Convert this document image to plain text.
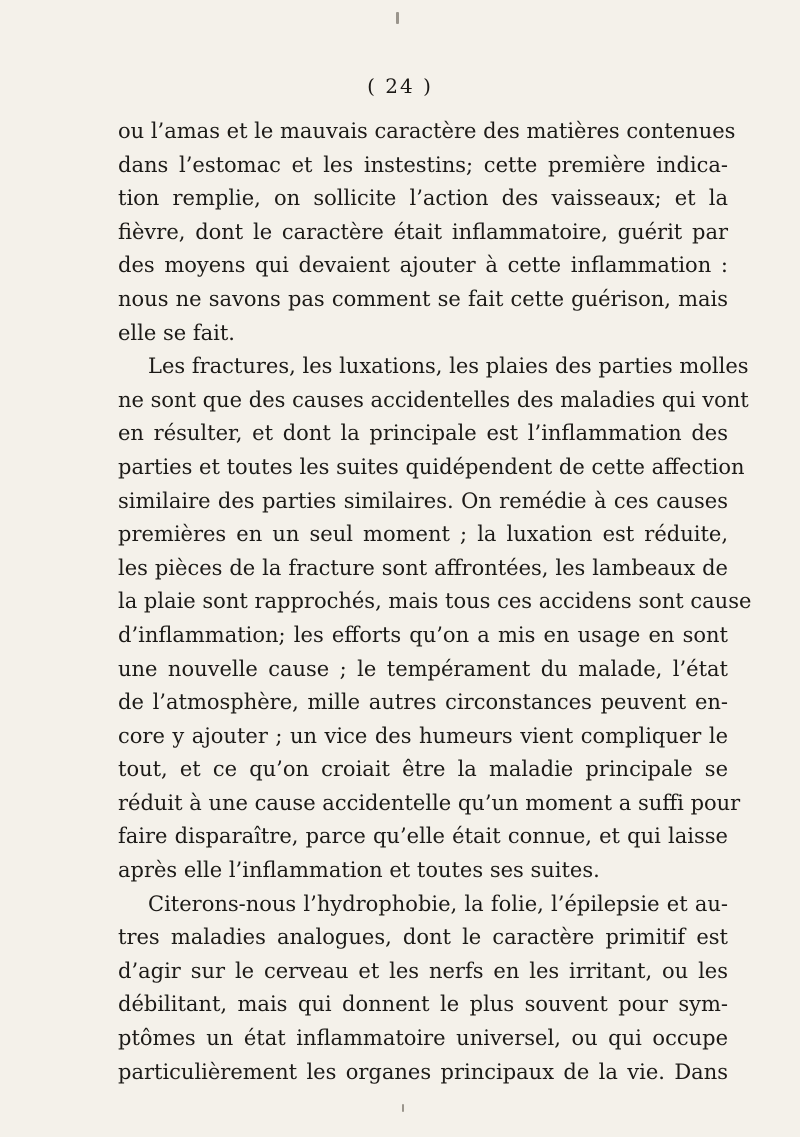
( 24 )
ou l’amas et le mauvais caractère des matières contenues
dans l’estomac et les instestins; cette première indica-
tion remplie, on sollicite l’action des vaisseaux; et la
fièvre, dont le caractère était inflammatoire, guérit par
des moyens qui devaient ajouter à cette inflammation :
nous ne savons pas comment se fait cette guérison, mais
elle se fait.
Les fractures, les luxations, les plaies des parties molles
ne sont que des causes accidentelles des maladies qui vont
en résulter, et dont la principale est l’inflammation des
parties et toutes les suites quidépendent de cette affection
similaire des parties similaires. On remédie à ces causes
premières en un seul moment ; la luxation est réduite,
les pièces de la fracture sont affrontées, les lambeaux de
la plaie sont rapprochés, mais tous ces accidens sont cause
d’inflammation; les efforts qu’on a mis en usage en sont
une nouvelle cause ; le tempérament du malade, l’état
de l’atmosphère, mille autres circonstances peuvent en-
core y ajouter ; un vice des humeurs vient compliquer le
tout, et ce qu’on croiait être la maladie principale se
réduit à une cause accidentelle qu’un moment a suffi pour
faire disparaître, parce qu’elle était connue, et qui laisse
après elle l’inflammation et toutes ses suites.
Citerons-nous l’hydrophobie, la folie, l’épilepsie et au-
tres maladies analogues, dont le caractère primitif est
d’agir sur le cerveau et les nerfs en les irritant, ou les
débilitant, mais qui donnent le plus souvent pour sym-
ptômes un état inflammatoire universel, ou qui occupe
particulièrement les organes principaux de la vie. Dans
